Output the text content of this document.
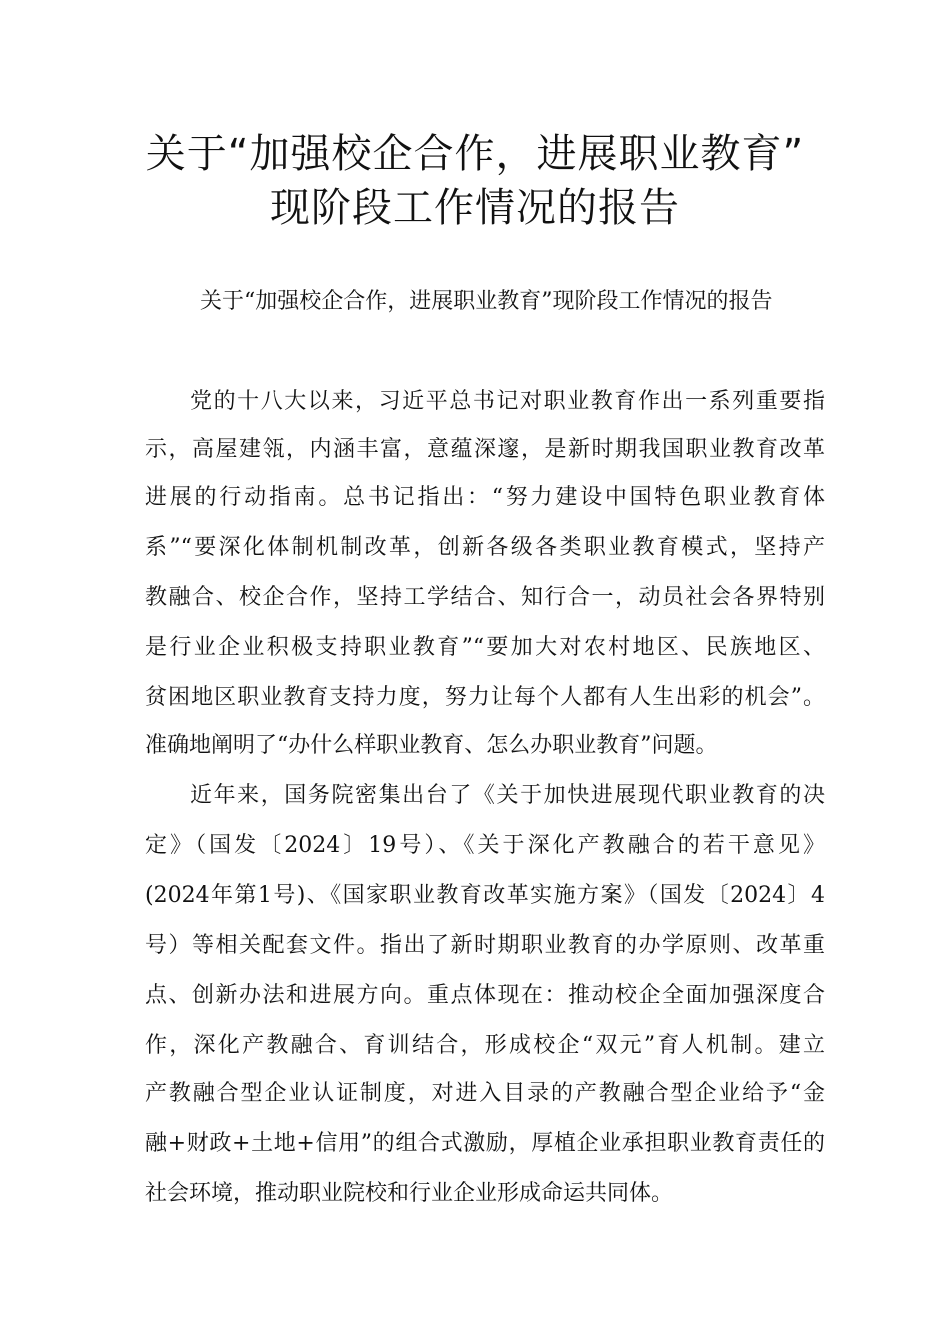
关于“加强校企合作，进展职业教育”
现阶段工作情况的报告
关于“加强校企合作，进展职业教育”现阶段工作情况的报告
党的十八大以来，习近平总书记对职业教育作出一系列重要指
示，高屋建瓴，内涵丰富，意蕴深邃，是新时期我国职业教育改革
进展的行动指南。总书记指出：“努力建设中国特色职业教育体
系”“要深化体制机制改革，创新各级各类职业教育模式，坚持产
教融合、校企合作，坚持工学结合、知行合一，动员社会各界特别
是行业企业积极支持职业教育”“要加大对农村地区、民族地区、
贫困地区职业教育支持力度，努力让每个人都有人生出彩的机会”。
准确地阐明了“办什么样职业教育、怎么办职业教育”问题。
近年来，国务院密集出台了《关于加快进展现代职业教育的决
定》（国发〔2024〕19号）、《关于深化产教融合的若干意见》
(2024年第1号)、《国家职业教育改革实施方案》（国发〔2024〕4
号）等相关配套文件。指出了新时期职业教育的办学原则、改革重
点、创新办法和进展方向。重点体现在：推动校企全面加强深度合
作，深化产教融合、育训结合，形成校企“双元”育人机制。建立
产教融合型企业认证制度，对进入目录的产教融合型企业给予“金
融+财政+土地+信用”的组合式激励，厚植企业承担职业教育责任的
社会环境，推动职业院校和行业企业形成命运共同体。
